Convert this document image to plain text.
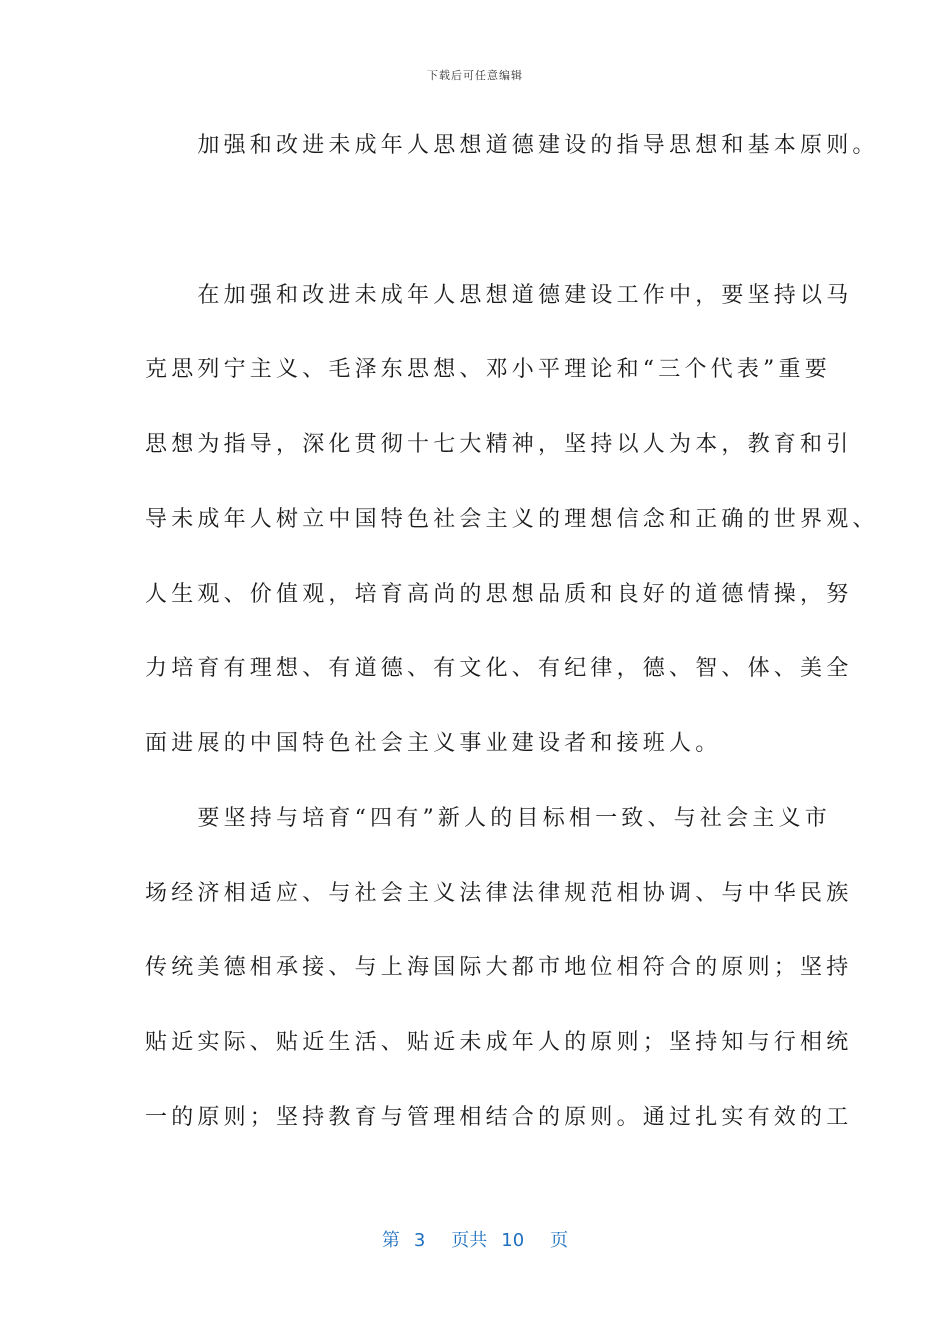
下载后可任意编辑
　　加强和改进未成年人思想道德建设的指导思想和基本原则。
　　在加强和改进未成年人思想道德建设工作中，要坚持以马
克思列宁主义、毛泽东思想、邓小平理论和“三个代表”重要
思想为指导，深化贯彻十七大精神，坚持以人为本，教育和引
导未成年人树立中国特色社会主义的理想信念和正确的世界观、
人生观、价值观，培育高尚的思想品质和良好的道德情操，努
力培育有理想、有道德、有文化、有纪律，德、智、体、美全
面进展的中国特色社会主义事业建设者和接班人。
　　要坚持与培育“四有”新人的目标相一致、与社会主义市
场经济相适应、与社会主义法律法律规范相协调、与中华民族
传统美德相承接、与上海国际大都市地位相符合的原则；坚持
贴近实际、贴近生活、贴近未成年人的原则；坚持知与行相统
一的原则；坚持教育与管理相结合的原则。通过扎实有效的工
第 3 页共 10 页
